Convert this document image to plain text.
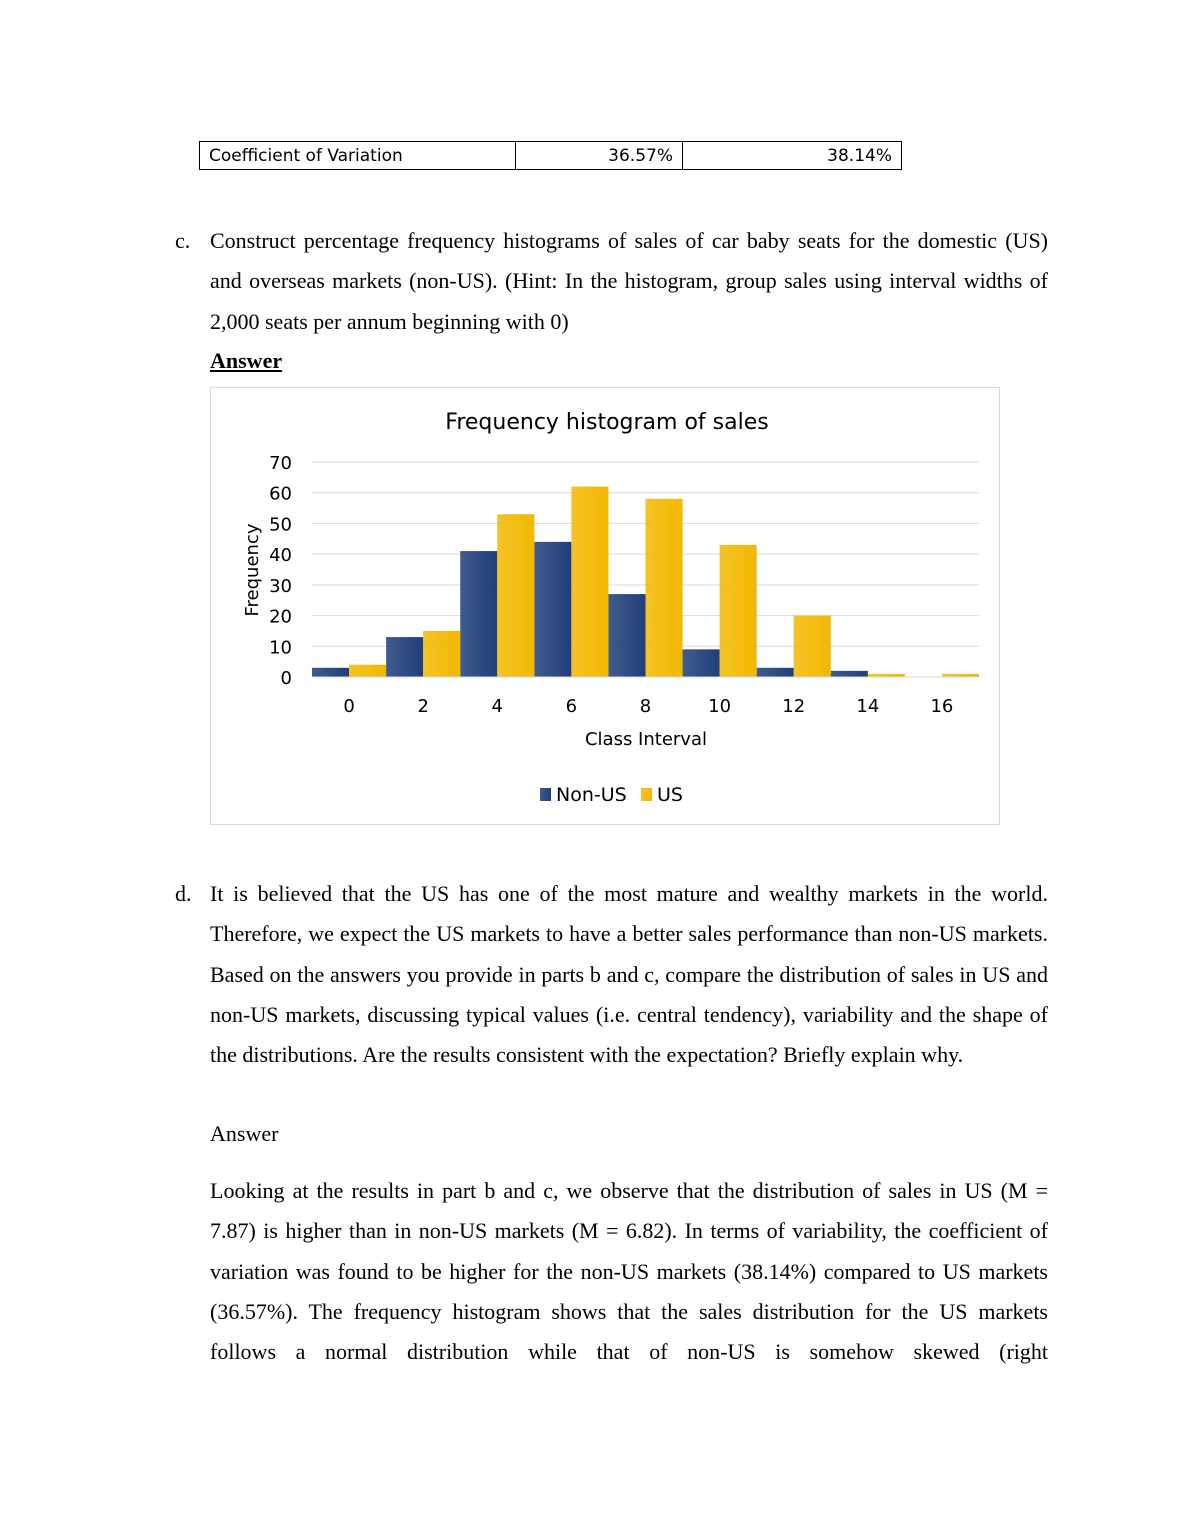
Coefficient of Variation	36.57%	38.14%
c. Construct percentage frequency histograms of sales of car baby seats for the domestic (US) and overseas markets (non-US). (Hint: In the histogram, group sales using interval widths of 2,000 seats per annum beginning with 0)
Answer
Frequency histogram of sales
0
10
20
30
40
50
60
70
0	2	4	6	8	10	12	14	16
Class Interval
Frequency
Non-US US
d. It is believed that the US has one of the most mature and wealthy markets in the world. Therefore, we expect the US markets to have a better sales performance than non-US markets. Based on the answers you provide in parts b and c, compare the distribution of sales in US and non-US markets, discussing typical values (i.e. central tendency), variability and the shape of the distributions. Are the results consistent with the expectation? Briefly explain why.
Answer
Looking at the results in part b and c, we observe that the distribution of sales in US (M = 7.87) is higher than in non-US markets (M = 6.82). In terms of variability, the coefficient of variation was found to be higher for the non-US markets (38.14%) compared to US markets (36.57%). The frequency histogram shows that the sales distribution for the US markets follows a normal distribution while that of non-US is somehow skewed (right
